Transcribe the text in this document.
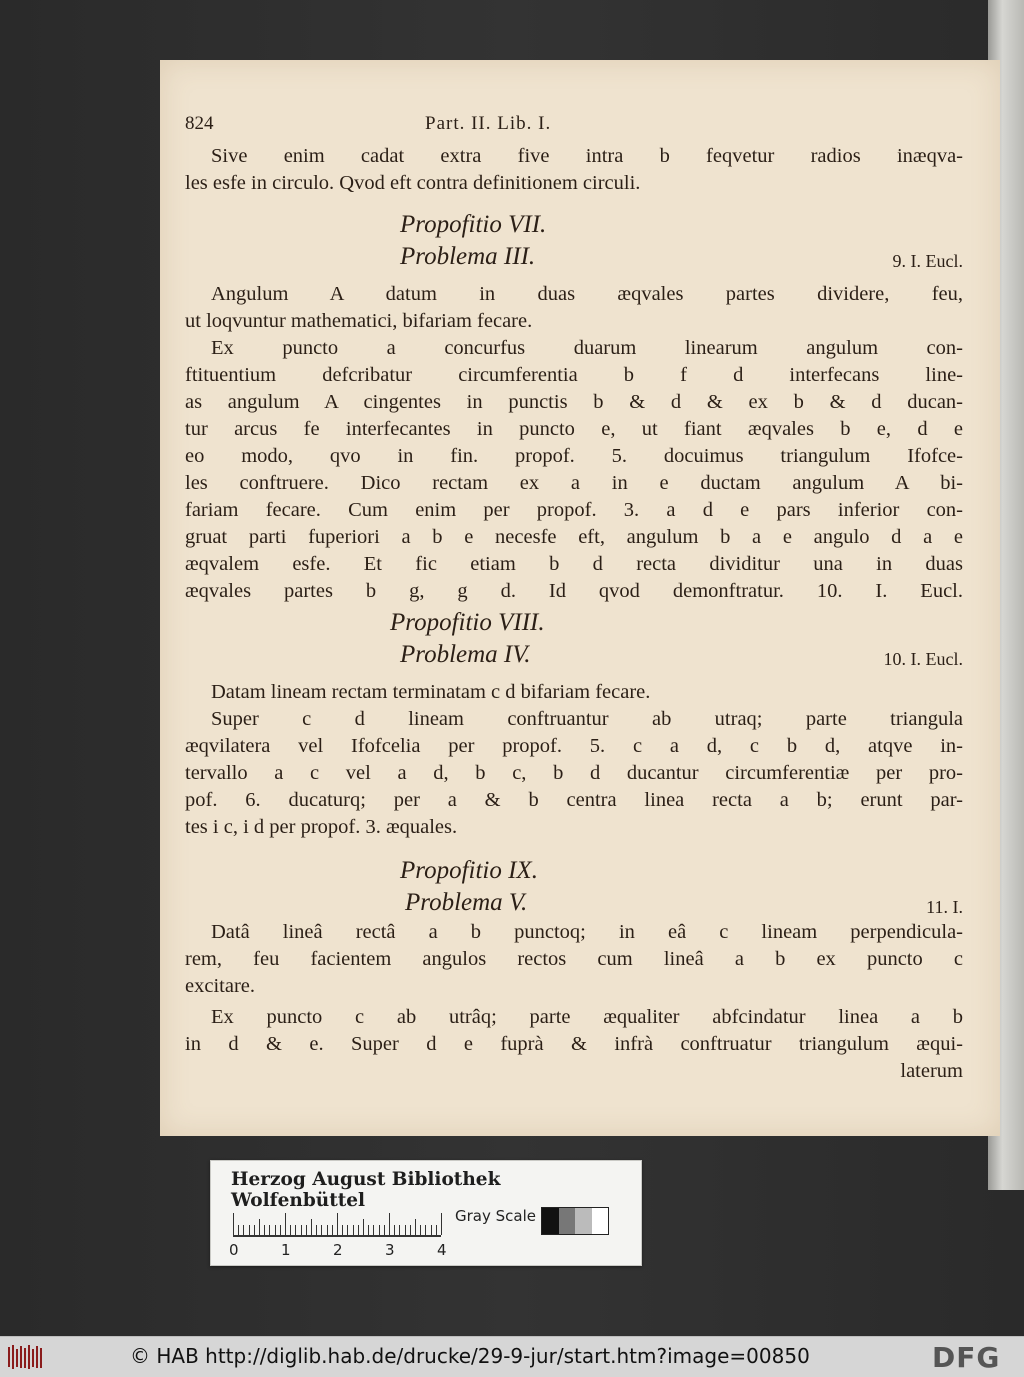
824	Part. II. Lib. I.

Sive enim cadat extra five intra b feqvetur radios inæqva-

les esfe in circulo. Qvod eft contra definitionem circuli.

Propofitio VII.
Problema III.	9. I. Eucl.

Angulum A datum in duas æqvales partes dividere, feu,

ut loqvuntur mathematici, bifariam fecare.

Ex puncto a concurfus duarum linearum angulum con-

ftituentium defcribatur circumferentia b f d interfecans line-

as angulum A cingentes in punctis b & d & ex b & d ducan-

tur arcus fe interfecantes in puncto e, ut fiant æqvales b e, d e

eo modo, qvo in fin. propof. 5. docuimus triangulum Ifofce-

les conftruere. Dico rectam ex a in e ductam angulum A bi-

fariam fecare. Cum enim per propof. 3. a d e pars inferior con-

gruat parti fuperiori a b e necesfe eft, angulum b a e angulo d a e

æqvalem esfe. Et fic etiam b d recta dividitur una in duas

æqvales partes b g, g d. Id qvod demonftratur. 10. I. Eucl.

Propofitio VIII.
Problema IV.	10. I. Eucl.

Datam lineam rectam terminatam c d bifariam fecare.

Super c d lineam conftruantur ab utraq; parte triangula

æqvilatera vel Ifofcelia per propof. 5. c a d, c b d, atqve in-

tervallo a c vel a d, b c, b d ducantur circumferentiæ per pro-

pof. 6. ducaturq; per a & b centra linea recta a b; erunt par-

tes i c, i d per propof. 3. æquales.

Propofitio IX.
Problema V.	11. I.

Datâ lineâ rectâ a b punctoq; in eâ c lineam perpendicula-

rem, feu facientem angulos rectos cum lineâ a b ex puncto c

excitare.

Ex puncto c ab utrâq; parte æqualiter abfcindatur linea a b

in d & e. Super d e fuprà & infrà conftruatur triangulum æqui-

laterum

Herzog August Bibliothek Wolfenbüttel
0	1	2	3	4
Gray Scale
© HAB http://diglib.hab.de/drucke/29-9-jur/start.htm?image=00850	DFG
